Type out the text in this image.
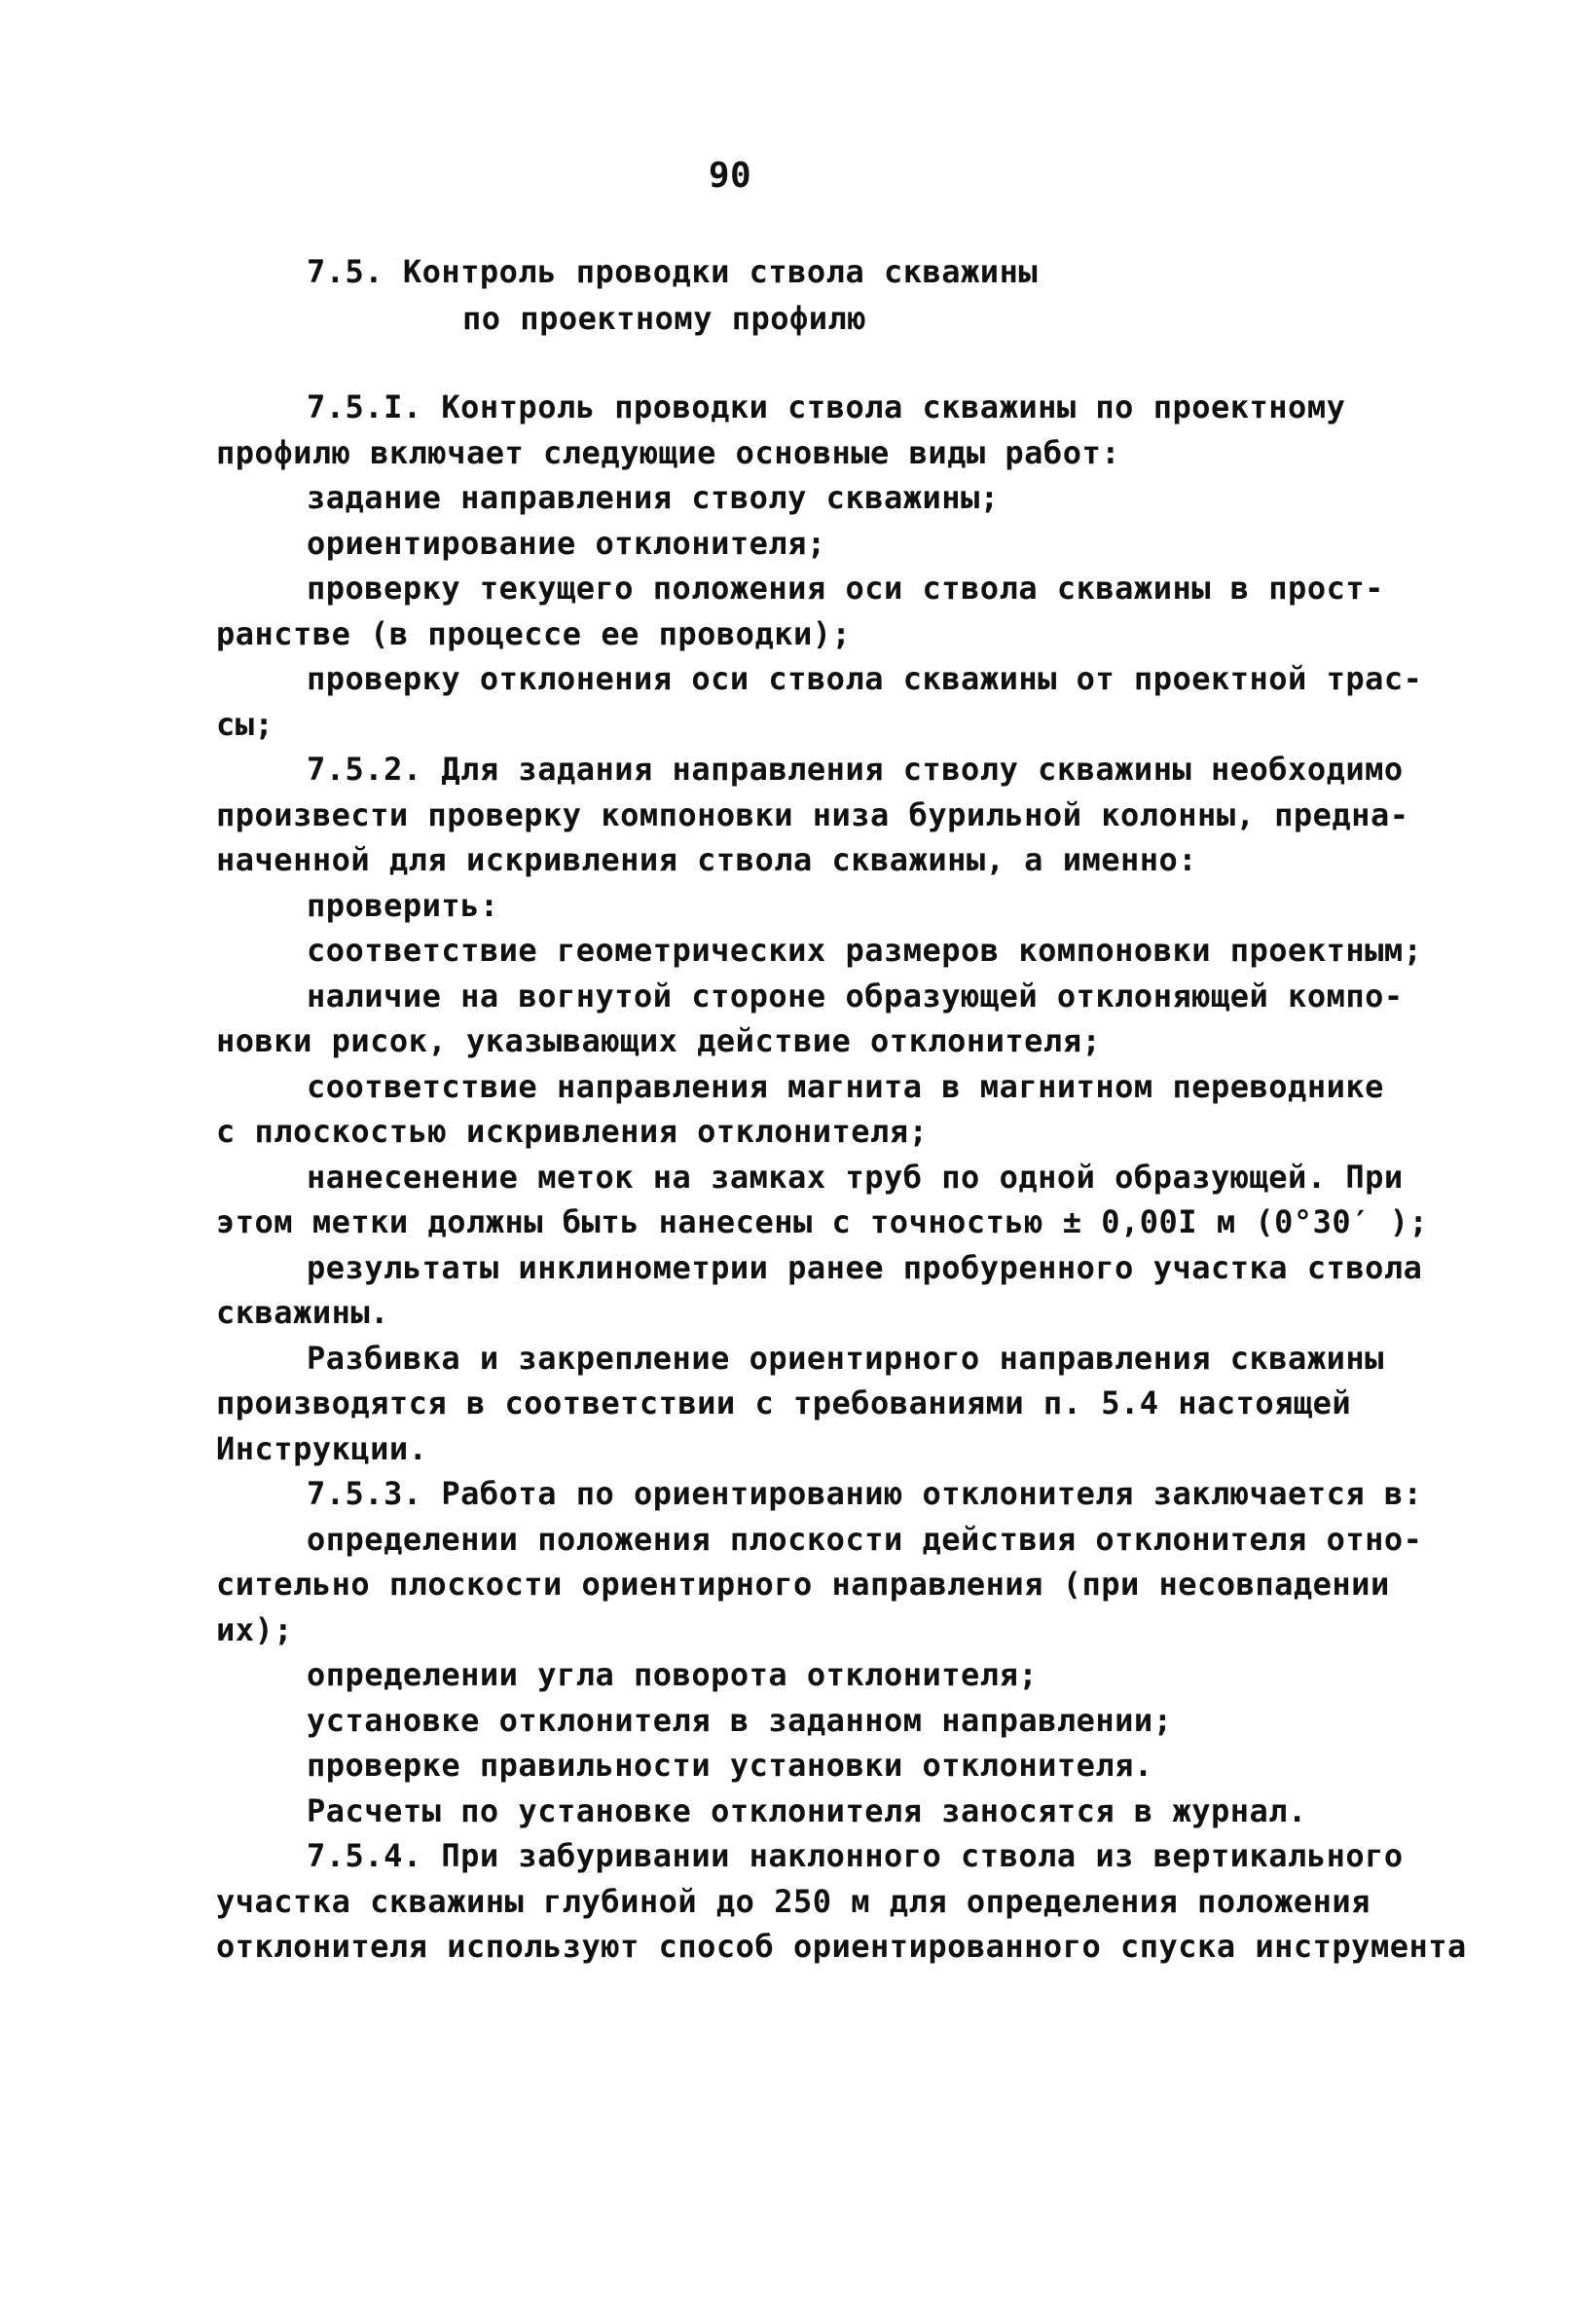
90
7.5. Контроль проводки ствола скважины
по проектному профилю
7.5.I. Контроль проводки ствола скважины по проектному
профилю включает следующие основные виды работ:
задание направления стволу скважины;
ориентирование отклонителя;
проверку текущего положения оси ствола скважины в прост-
ранстве (в процессе ее проводки);
проверку отклонения оси ствола скважины от проектной трас-
сы;
7.5.2. Для задания направления стволу скважины необходимо
произвести проверку компоновки низа бурильной колонны, предна-
наченной для искривления ствола скважины, а именно:
проверить:
соответствие геометрических размеров компоновки проектным;
наличие на вогнутой стороне образующей отклоняющей компо-
новки рисок, указывающих действие отклонителя;
соответствие направления магнита в магнитном переводнике
с плоскостью искривления отклонителя;
нанесенение меток на замках труб по одной образующей. При
этом метки должны быть нанесены с точностью ± 0,00I м (0°30′ );
результаты инклинометрии ранее пробуренного участка ствола
скважины.
Разбивка и закрепление ориентирного направления скважины
производятся в соответствии с требованиями п. 5.4 настоящей
Инструкции.
7.5.3. Работа по ориентированию отклонителя заключается в:
определении положения плоскости действия отклонителя отно-
сительно плоскости ориентирного направления (при несовпадении
их);
определении угла поворота отклонителя;
установке отклонителя в заданном направлении;
проверке правильности установки отклонителя.
Расчеты по установке отклонителя заносятся в журнал.
7.5.4. При забуривании наклонного ствола из вертикального
участка скважины глубиной до 250 м для определения положения
отклонителя используют способ ориентированного спуска инструмента
